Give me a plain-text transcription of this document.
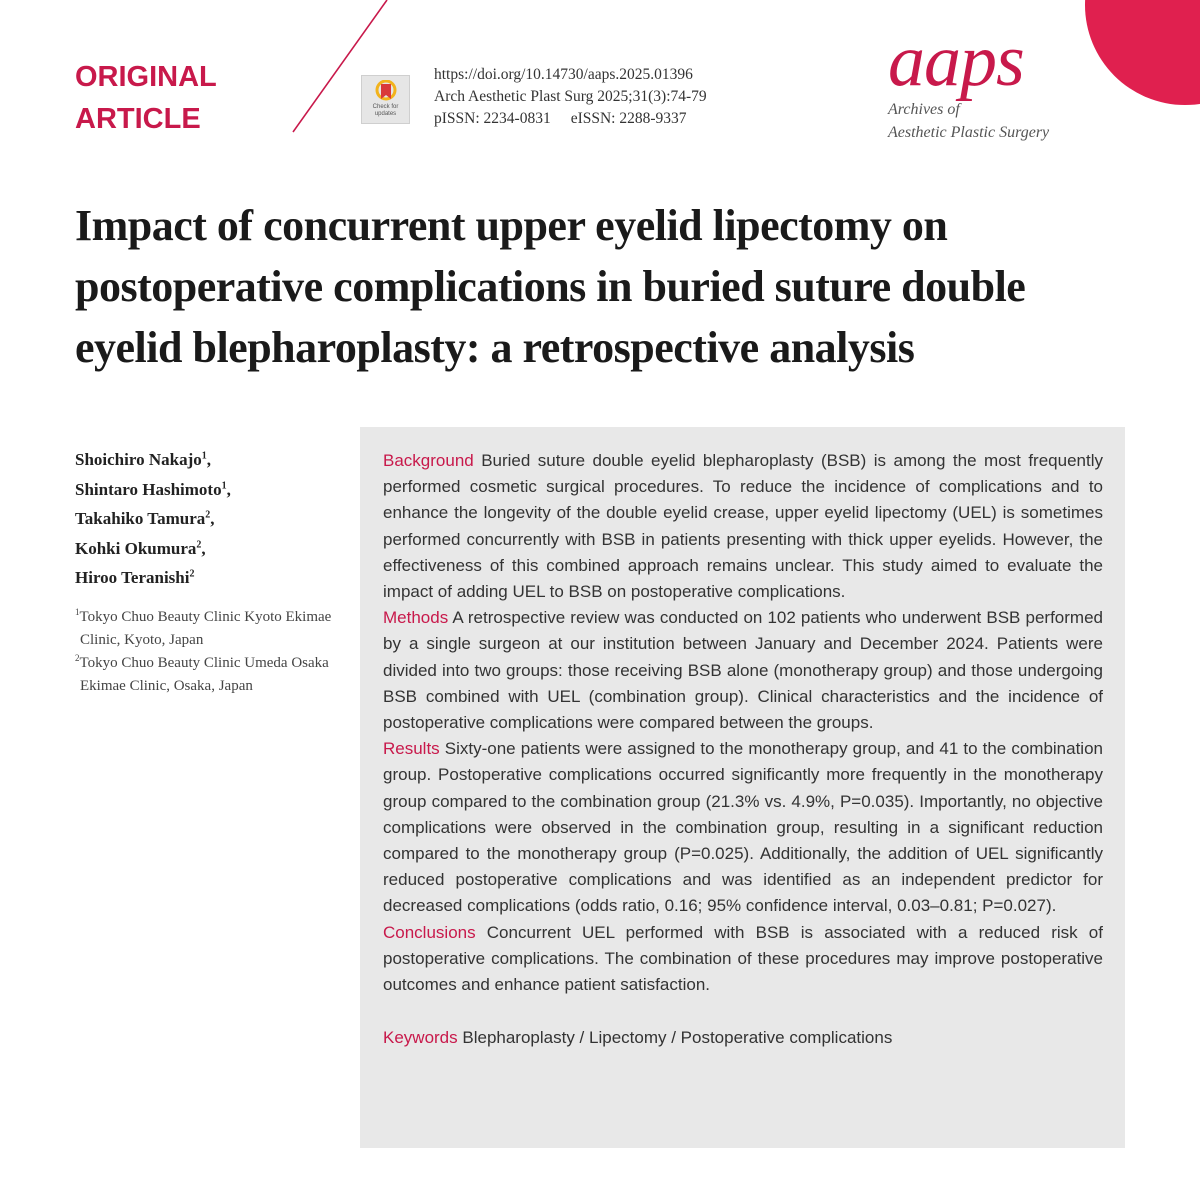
ORIGINAL
ARTICLE	Check for updates
https://doi.org/10.14730/aaps.2025.01396
Arch Aesthetic Plast Surg 2025;31(3):74-79
pISSN: 2234-0831 eISSN: 2288-9337
aaps
Archives of
Aesthetic Plastic Surgery
Impact of concurrent upper eyelid lipectomy on postoperative complications in buried suture double eyelid blepharoplasty: a retrospective analysis
Shoichiro Nakajo$^1$,
Shintaro Hashimoto$^1$,
Takahiko Tamura$^2$,
Kohki Okumura$^2$,
Hiroo Teranishi$^2$
$^1$Tokyo Chuo Beauty Clinic Kyoto Ekimae Clinic, Kyoto, Japan
$^2$Tokyo Chuo Beauty Clinic Umeda Osaka Ekimae Clinic, Osaka, Japan

Background Buried suture double eyelid blepharoplasty (BSB) is among the most frequently performed cosmetic surgical procedures. To reduce the incidence of complications and to enhance the longevity of the double eyelid crease, upper eyelid lipectomy (UEL) is sometimes performed concurrently with BSB in patients presenting with thick upper eyelids. However, the effectiveness of this combined approach remains unclear. This study aimed to evaluate the impact of adding UEL to BSB on postoperative complications.

Methods A retrospective review was conducted on 102 patients who underwent BSB performed by a single surgeon at our institution between January and December 2024. Patients were divided into two groups: those receiving BSB alone (monotherapy group) and those undergoing BSB combined with UEL (combination group). Clinical characteristics and the incidence of postoperative complications were compared between the groups.

Results Sixty-one patients were assigned to the monotherapy group, and 41 to the combination group. Postoperative complications occurred significantly more frequently in the monotherapy group compared to the combination group (21.3% vs. 4.9%, P=0.035). Importantly, no objective complications were observed in the combination group, resulting in a significant reduction compared to the monotherapy group (P=0.025). Additionally, the addition of UEL significantly reduced postoperative complications and was identified as an independent predictor for decreased complications (odds ratio, 0.16; 95% confidence interval, 0.03–0.81; P=0.027).

Conclusions Concurrent UEL performed with BSB is associated with a reduced risk of postoperative complications. The combination of these procedures may improve postoperative outcomes and enhance patient satisfaction.

Keywords Blepharoplasty / Lipectomy / Postoperative complications
